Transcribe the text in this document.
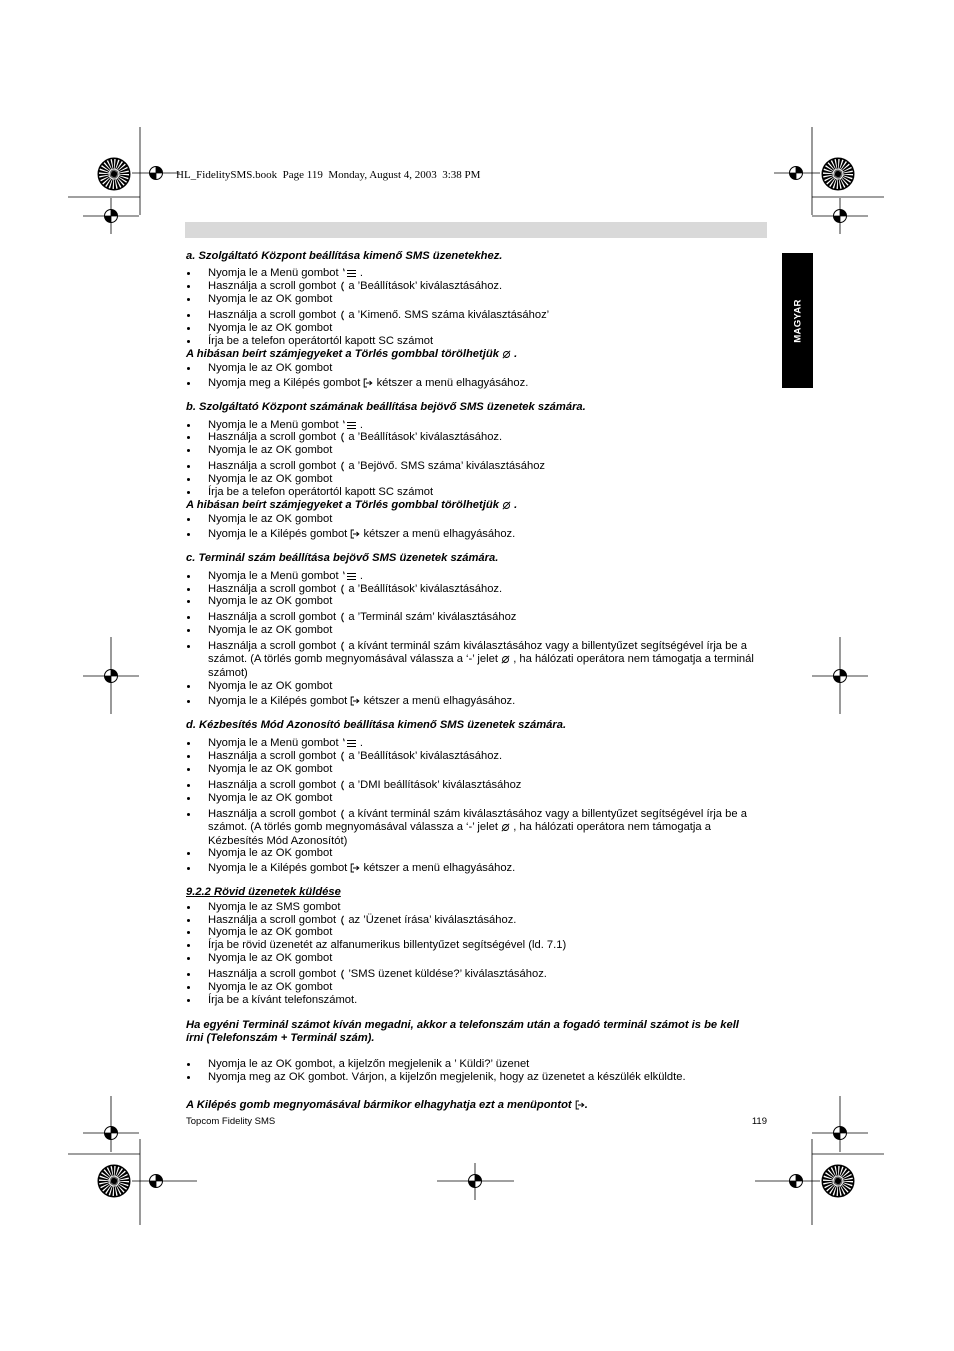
HL_FidelitySMS.book  Page 119  Monday, August 4, 2003  3:38 PM
MAGYAR
a. Szolgáltató Központ beállítása kimenő SMS üzenetekhez.
Nyomja le a Menü gombot .
Használja a scroll gombot a ’Beállítások’ kiválasztásához.
Nyomja le az OK gombot
Használja a scroll gombot a ’Kimenő. SMS száma kiválasztásához’
Nyomja le az OK gombot
Írja be a telefon operátortól kapott SC számot
A hibásan beírt számjegyeket a Törlés gombbal törölhetjük .
Nyomja le az OK gombot
Nyomja meg a Kilépés gombot kétszer a menü elhagyásához.
b. Szolgáltató Központ számának beállítása bejövő SMS üzenetek számára.
Nyomja le a Menü gombot .
Használja a scroll gombot a ’Beállítások’ kiválasztásához.
Nyomja le az OK gombot
Használja a scroll gombot a ’Bejövő. SMS száma’ kiválasztásához
Nyomja le az OK gombot
Írja be a telefon operátortól kapott SC számot
A hibásan beírt számjegyeket a Törlés gombbal törölhetjük .
Nyomja le az OK gombot
Nyomja le a Kilépés gombot kétszer a menü elhagyásához.
c. Terminál szám beállítása bejövő SMS üzenetek számára.
Nyomja le a Menü gombot .
Használja a scroll gombot a ’Beállítások’ kiválasztásához.
Nyomja le az OK gombot
Használja a scroll gombot a ’Terminál szám’ kiválasztásához
Nyomja le az OK gombot
Használja a scroll gombot a kívánt terminál szám kiválasztásához vagy a billentyűzet segítségével írja be a
számot. (A törlés gomb megnyomásával válassza a ‘-’ jelet , ha hálózati operátora nem támogatja a terminál
számot)
Nyomja le az OK gombot
Nyomja le a Kilépés gombot kétszer a menü elhagyásához.
d. Kézbesítés Mód Azonosító beállítása kimenő SMS üzenetek számára.
Nyomja le a Menü gombot .
Használja a scroll gombot a ’Beállítások’ kiválasztásához.
Nyomja le az OK gombot
Használja a scroll gombot a ’DMI beállítások’ kiválasztásához
Nyomja le az OK gombot
Használja a scroll gombot a kívánt terminál szám kiválasztásához vagy a billentyűzet segítségével írja be a
számot. (A törlés gomb megnyomásával válassza a ‘-’ jelet , ha hálózati operátora nem támogatja a
Kézbesítés Mód Azonosítót)
Nyomja le az OK gombot
Nyomja le a Kilépés gombot kétszer a menü elhagyásához.
9.2.2 Rövid üzenetek küldése
Nyomja le az SMS gombot
Használja a scroll gombot az ’Üzenet írása’ kiválasztásához.
Nyomja le az OK gombot
Írja be rövid üzenetét az alfanumerikus billentyűzet segítségével (ld. 7.1)
Nyomja le az OK gombot
Használja a scroll gombot ’SMS üzenet küldése?’ kiválasztásához.
Nyomja le az OK gombot
Írja be a kívánt telefonszámot.
Ha egyéni Terminál számot kíván megadni, akkor a telefonszám után a fogadó terminál számot is be kell
írni (Telefonszám + Terminál szám).
Nyomja le az OK gombot, a kijelzőn megjelenik a ’ Küldi?’ üzenet
Nyomja meg az OK gombot. Várjon, a kijelzőn megjelenik, hogy az üzenetet a készülék elküldte.
A Kilépés gomb megnyomásával bármikor elhagyhatja ezt a menüpontot .
Topcom Fidelity SMS	119
